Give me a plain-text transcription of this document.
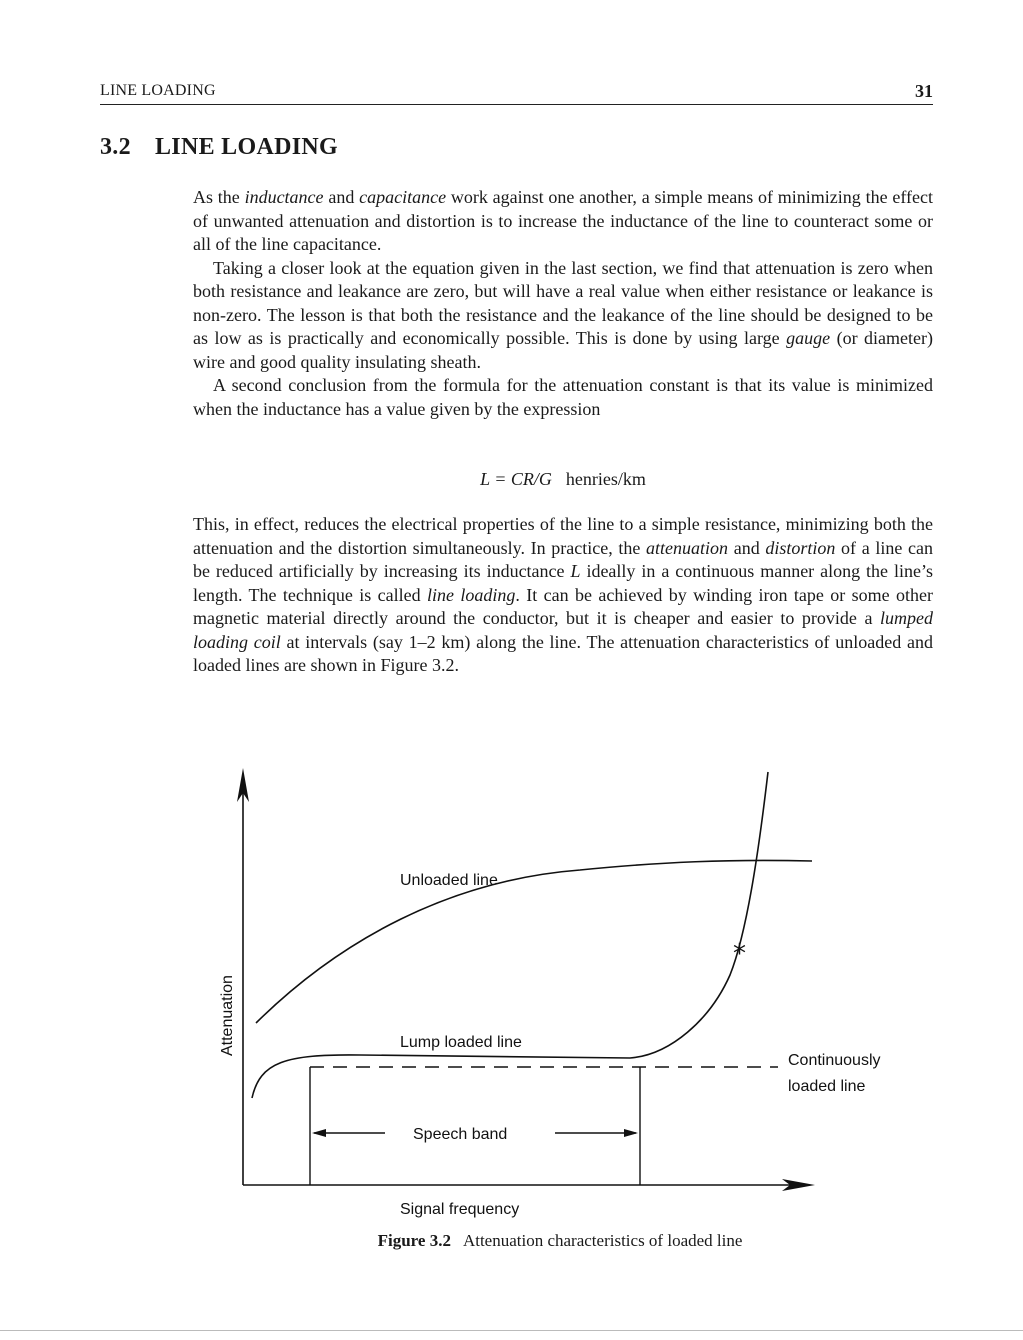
LINE LOADING	31
3.2 LINE LOADING

As the inductance and capacitance work against one another, a simple means of minimizing the effect of unwanted attenuation and distortion is to increase the inductance of the line to counteract some or all of the line capacitance.

Taking a closer look at the equation given in the last section, we find that attenuation is zero when both resistance and leakance are zero, but will have a real value when either resistance or leakance is non-zero. The lesson is that both the resistance and the leakance of the line should be designed to be as low as is practically and economically possible. This is done by using large gauge (or diameter) wire and good quality insulating sheath.

A second conclusion from the formula for the attenuation constant is that its value is minimized when the inductance has a value given by the expression

L = CR/G henries/km

This, in effect, reduces the electrical properties of the line to a simple resistance, minimizing both the attenuation and the distortion simultaneously. In practice, the attenuation and distortion of a line can be reduced artificially by increasing its inductance L ideally in a continuous manner along the line’s length. The technique is called line loading. It can be achieved by winding iron tape or some other magnetic material directly around the conductor, but it is cheaper and easier to provide a lumped loading coil at intervals (say 1–2 km) along the line. The attenuation characteristics of unloaded and loaded lines are shown in Figure 3.2.

Unloaded line
Lump loaded line
*
Continuously
loaded line
Speech band
Attenuation
Signal frequency
Figure 3.2 Attenuation characteristics of loaded line
